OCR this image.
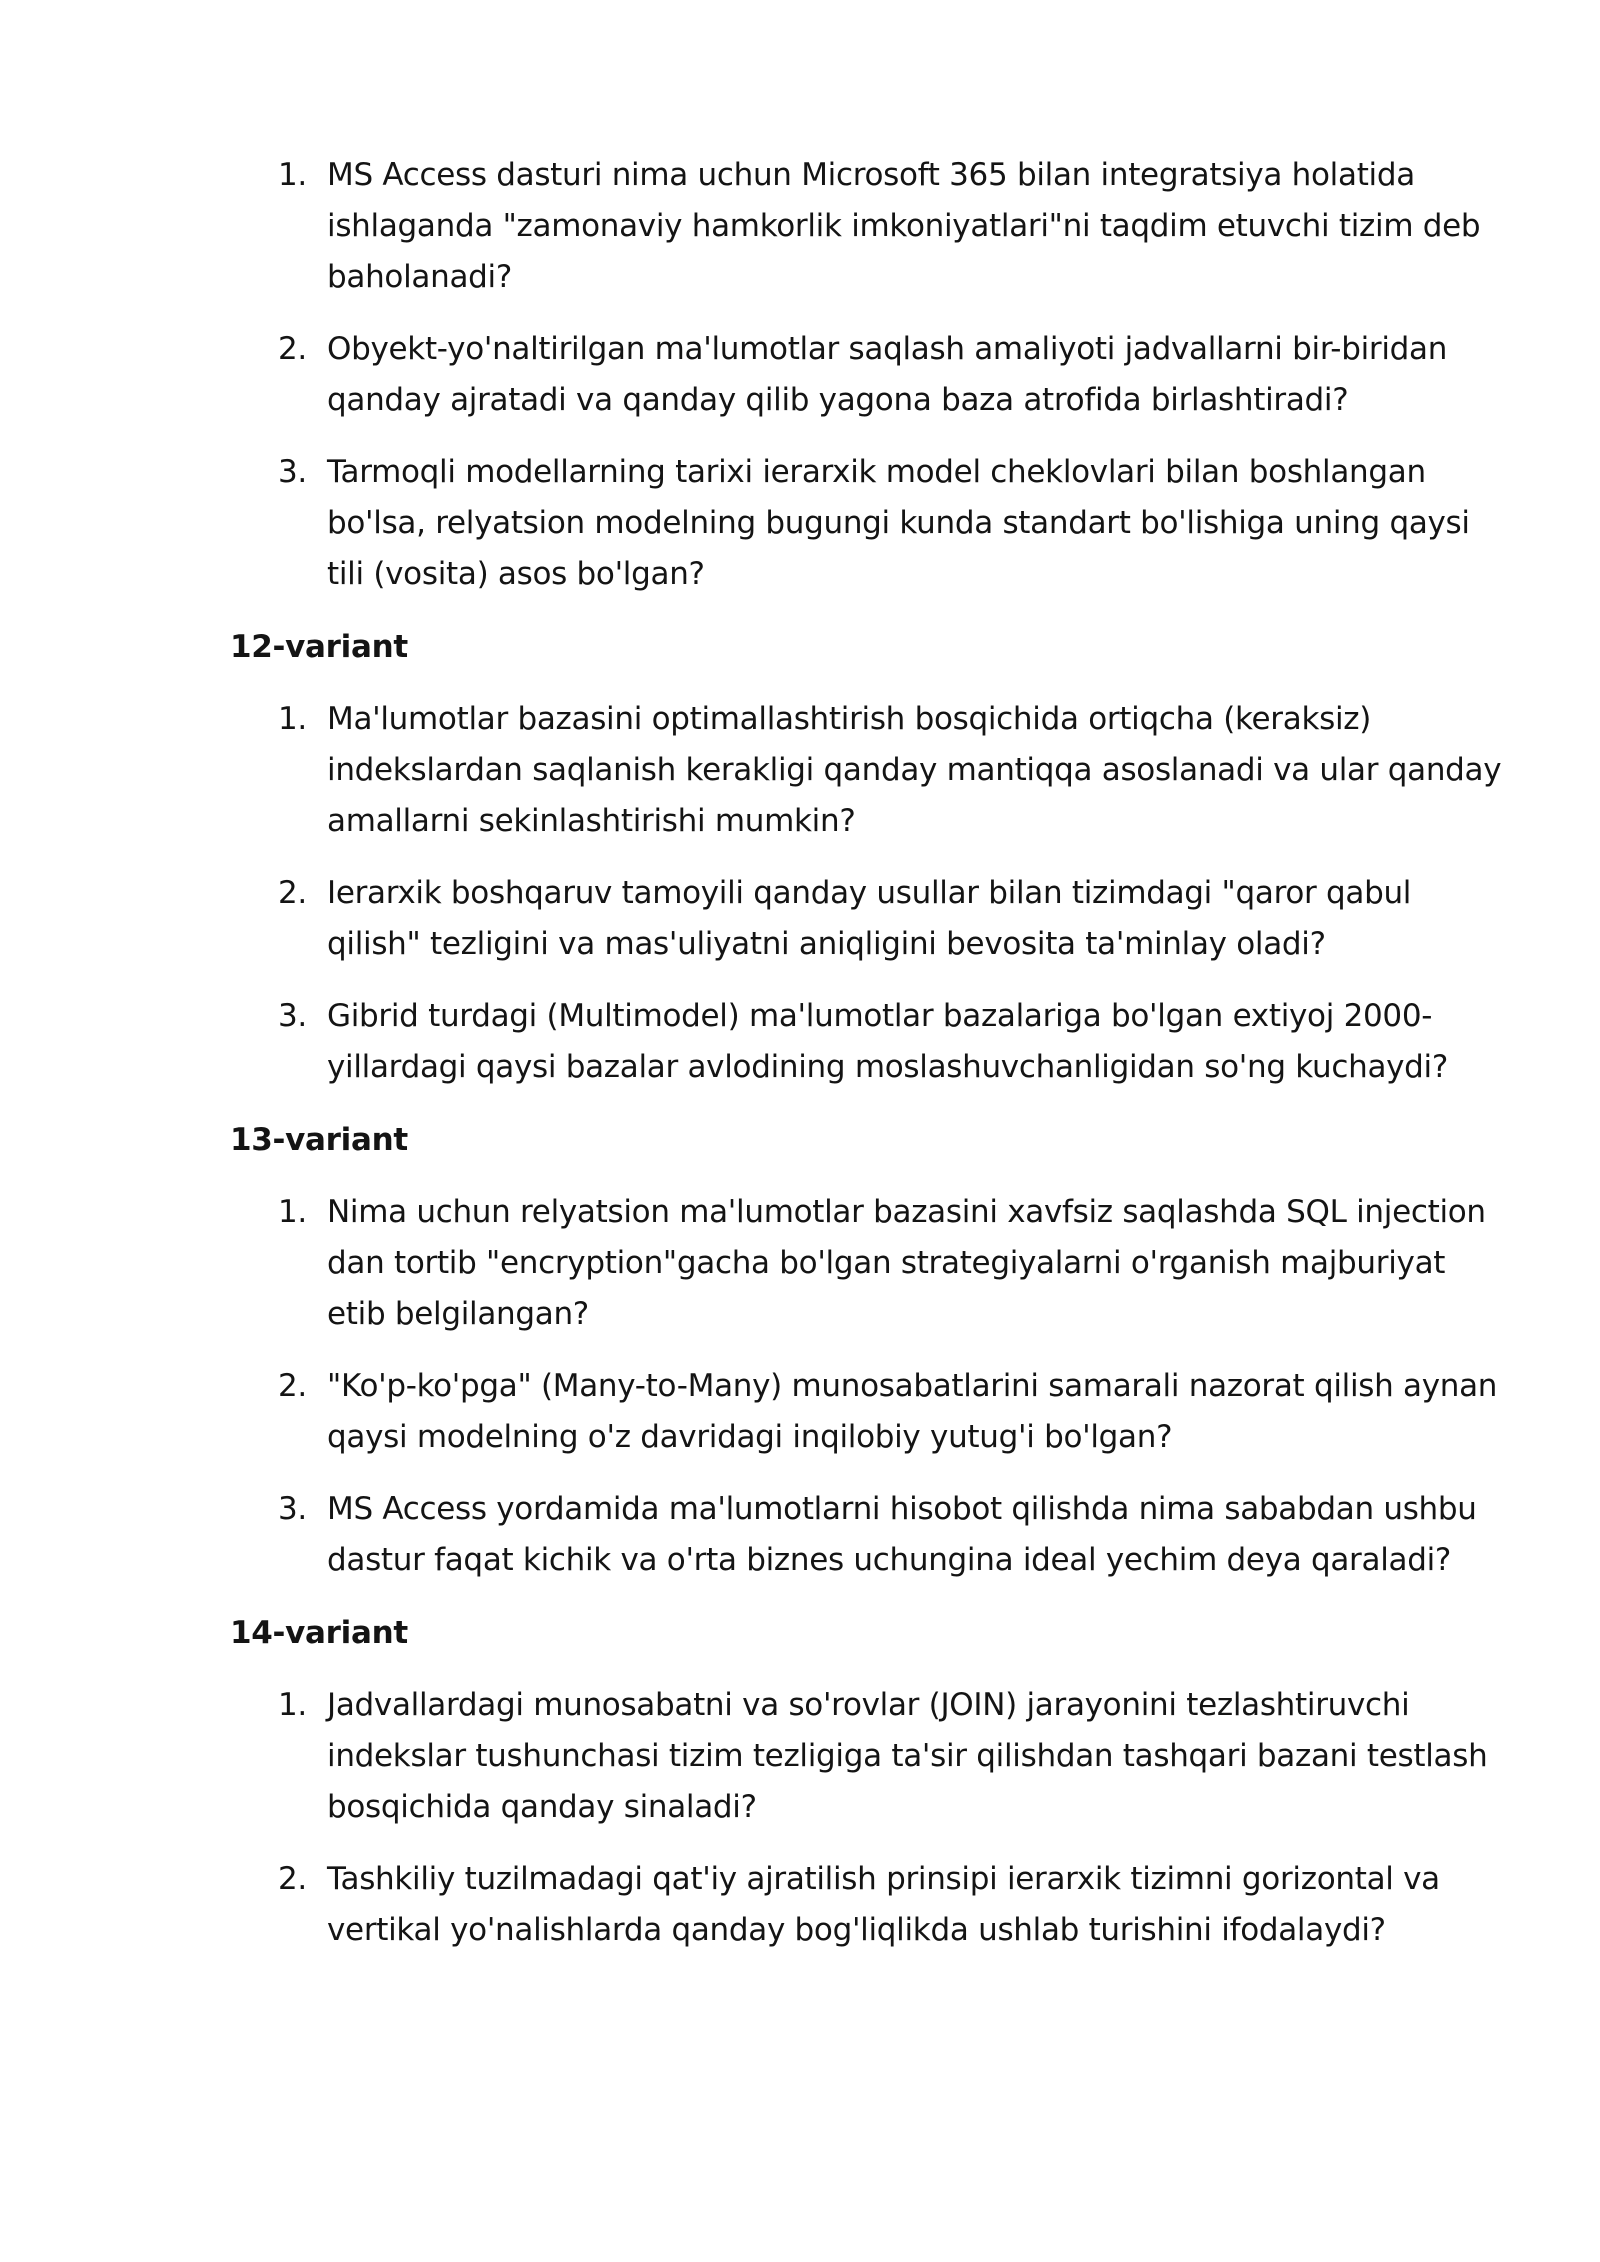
1. MS Access dasturi nima uchun Microsoft 365 bilan integratsiya holatida ishlaganda "zamonaviy hamkorlik imkoniyatlari"ni taqdim etuvchi tizim deb baholanadi?
2. Obyekt-yo'naltirilgan ma'lumotlar saqlash amaliyoti jadvallarni bir-biridan qanday ajratadi va qanday qilib yagona baza atrofida birlashtiradi?
3. Tarmoqli modellarning tarixi ierarxik model cheklovlari bilan boshlangan bo'lsa, relyatsion modelning bugungi kunda standart bo'lishiga uning qaysi tili (vosita) asos bo'lgan?
12-variant
1. Ma'lumotlar bazasini optimallashtirish bosqichida ortiqcha (keraksiz) indekslardan saqlanish kerakligi qanday mantiqqa asoslanadi va ular qanday amallarni sekinlashtirishi mumkin?
2. Ierarxik boshqaruv tamoyili qanday usullar bilan tizimdagi "qaror qabul qilish" tezligini va mas'uliyatni aniqligini bevosita ta'minlay oladi?
3. Gibrid turdagi (Multimodel) ma'lumotlar bazalariga bo'lgan extiyoj 2000-yillardagi qaysi bazalar avlodining moslashuvchanligidan so'ng kuchaydi?
13-variant
1. Nima uchun relyatsion ma'lumotlar bazasini xavfsiz saqlashda SQL injection dan tortib "encryption"gacha bo'lgan strategiyalarni o'rganish majburiyat etib belgilangan?
2. "Ko'p-ko'pga" (Many-to-Many) munosabatlarini samarali nazorat qilish aynan qaysi modelning o'z davridagi inqilobiy yutug'i bo'lgan?
3. MS Access yordamida ma'lumotlarni hisobot qilishda nima sababdan ushbu dastur faqat kichik va o'rta biznes uchungina ideal yechim deya qaraladi?
14-variant
1. Jadvallardagi munosabatni va so'rovlar (JOIN) jarayonini tezlashtiruvchi indekslar tushunchasi tizim tezligiga ta'sir qilishdan tashqari bazani testlash bosqichida qanday sinaladi?
2. Tashkiliy tuzilmadagi qat'iy ajratilish prinsipi ierarxik tizimni gorizontal va vertikal yo'nalishlarda qanday bog'liqlikda ushlab turishini ifodalaydi?
